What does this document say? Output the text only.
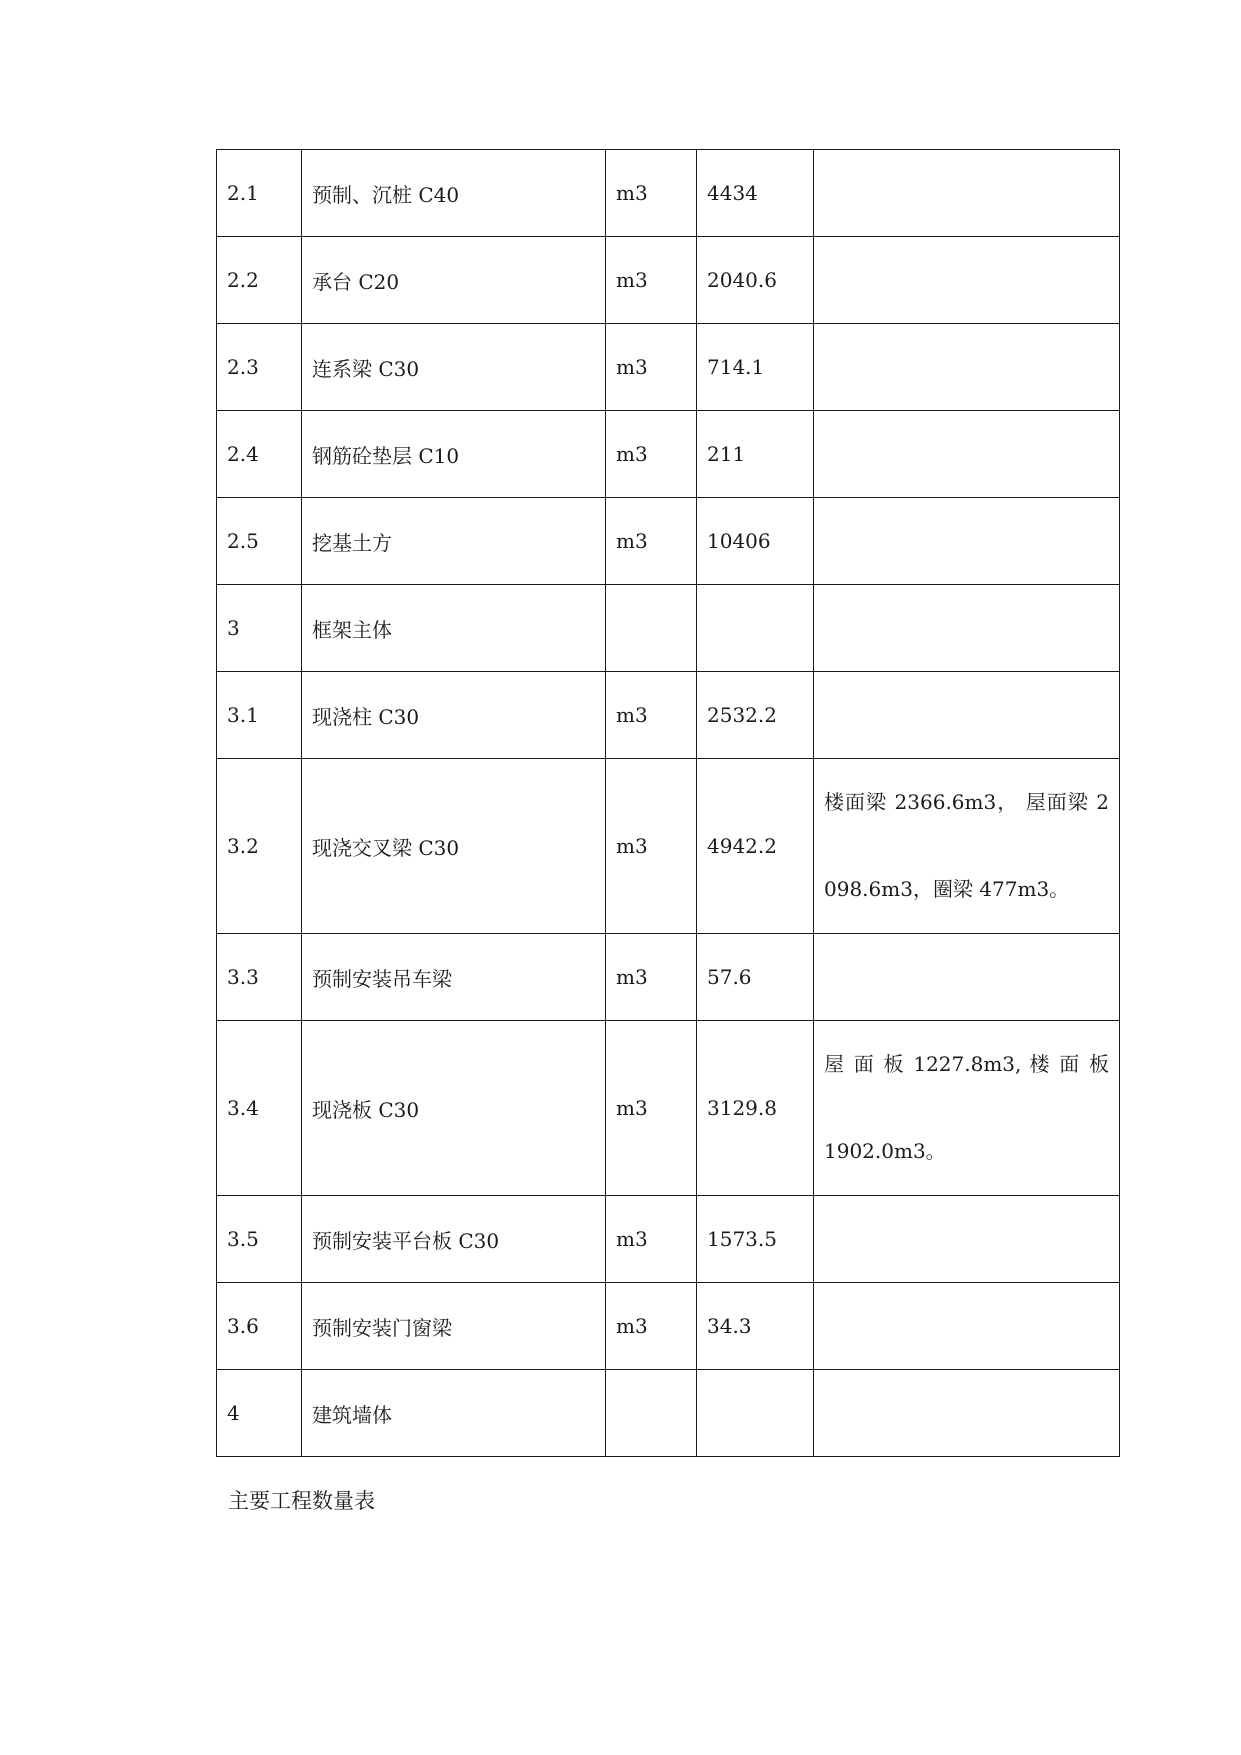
2.1	预制、沉桩 C40	m3	4434	
2.2	承台 C20	m3	2040.6	
2.3	连系梁 C30	m3	714.1	
2.4	钢筋砼垫层 C10	m3	211	
2.5	挖基土方	m3	10406	
3	框架主体			
3.1	现浇柱 C30	m3	2532.2	
3.2	现浇交叉梁 C30	m3	4942.2	楼面梁 2366.6m3， 屋面梁 2098.6m3，圈梁 477m3。
3.3	预制安装吊车梁	m3	57.6	
3.4	现浇板 C30	m3	3129.8	屋 面 板 1227.8m3, 楼 面 板 1902.0m3。
3.5	预制安装平台板 C30	m3	1573.5	
3.6	预制安装门窗梁	m3	34.3	
4	建筑墙体			

主要工程数量表
